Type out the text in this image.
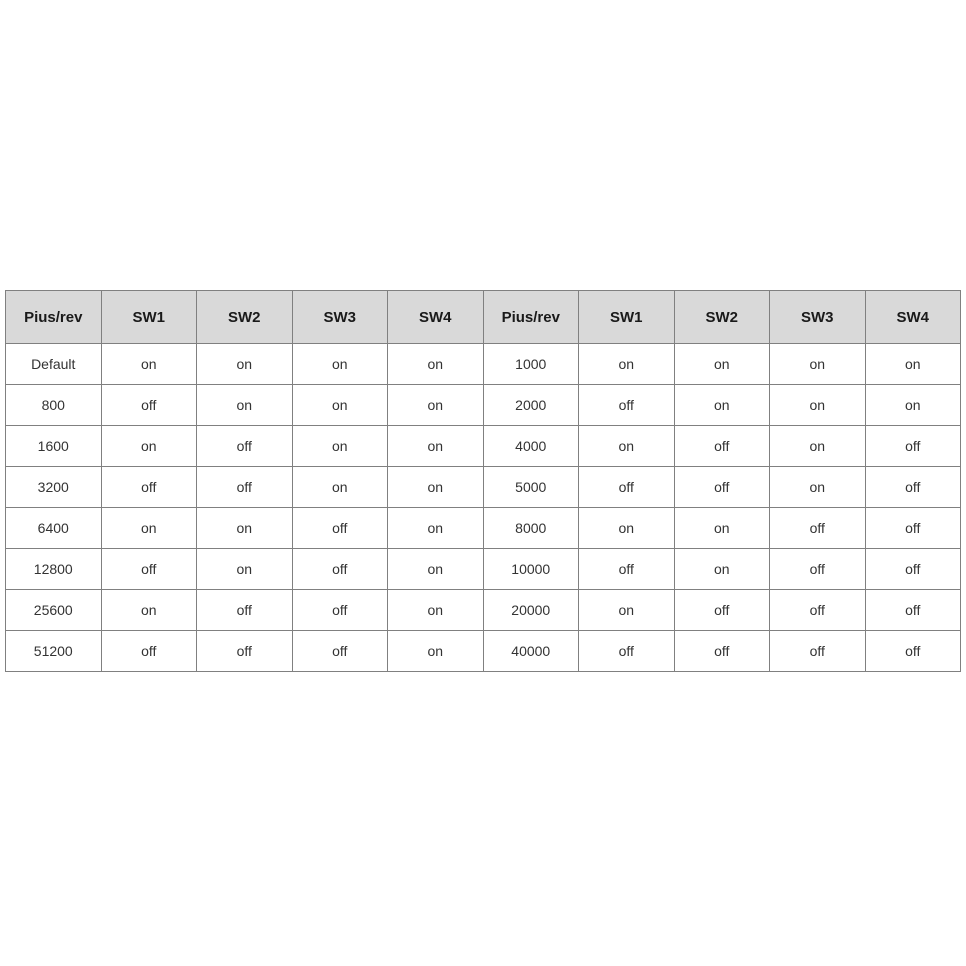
Pius/rev	SW1	SW2	SW3	SW4	Pius/rev	SW1	SW2	SW3	SW4
Default	on	on	on	on	1000	on	on	on	on
800	off	on	on	on	2000	off	on	on	on
1600	on	off	on	on	4000	on	off	on	off
3200	off	off	on	on	5000	off	off	on	off
6400	on	on	off	on	8000	on	on	off	off
12800	off	on	off	on	10000	off	on	off	off
25600	on	off	off	on	20000	on	off	off	off
51200	off	off	off	on	40000	off	off	off	off
